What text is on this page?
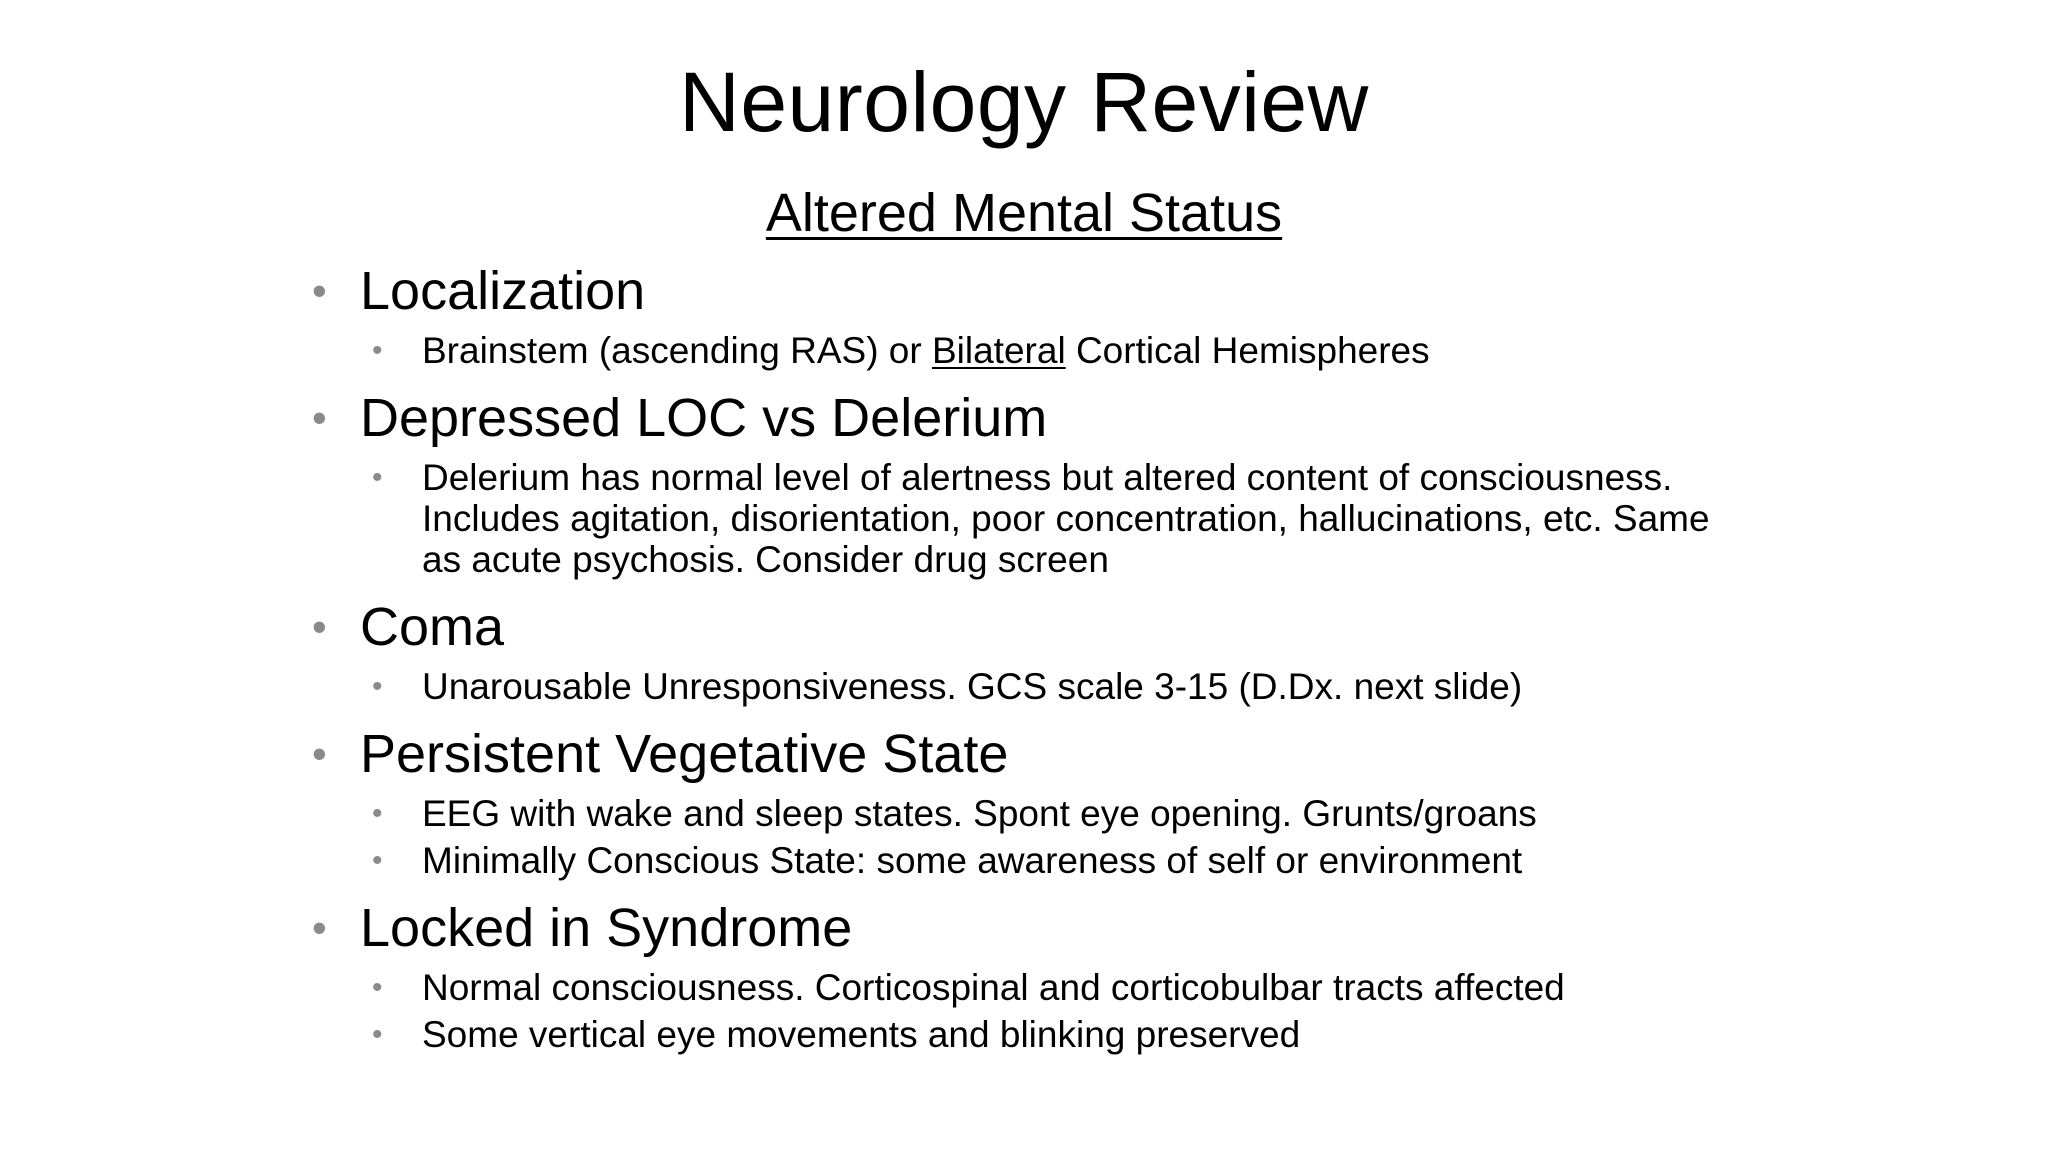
Neurology Review
Altered Mental Status
• Localization
• Brainstem (ascending RAS) or Bilateral Cortical Hemispheres
• Depressed LOC vs Delerium
• Delerium has normal level of alertness but altered content of consciousness. Includes agitation, disorientation, poor concentration, hallucinations, etc. Same as acute psychosis. Consider drug screen
• Coma
• Unarousable Unresponsiveness. GCS scale 3-15 (D.Dx. next slide)
• Persistent Vegetative State
• EEG with wake and sleep states. Spont eye opening. Grunts/groans
• Minimally Conscious State: some awareness of self or environment
• Locked in Syndrome
• Normal consciousness. Corticospinal and corticobulbar tracts affected
• Some vertical eye movements and blinking preserved
